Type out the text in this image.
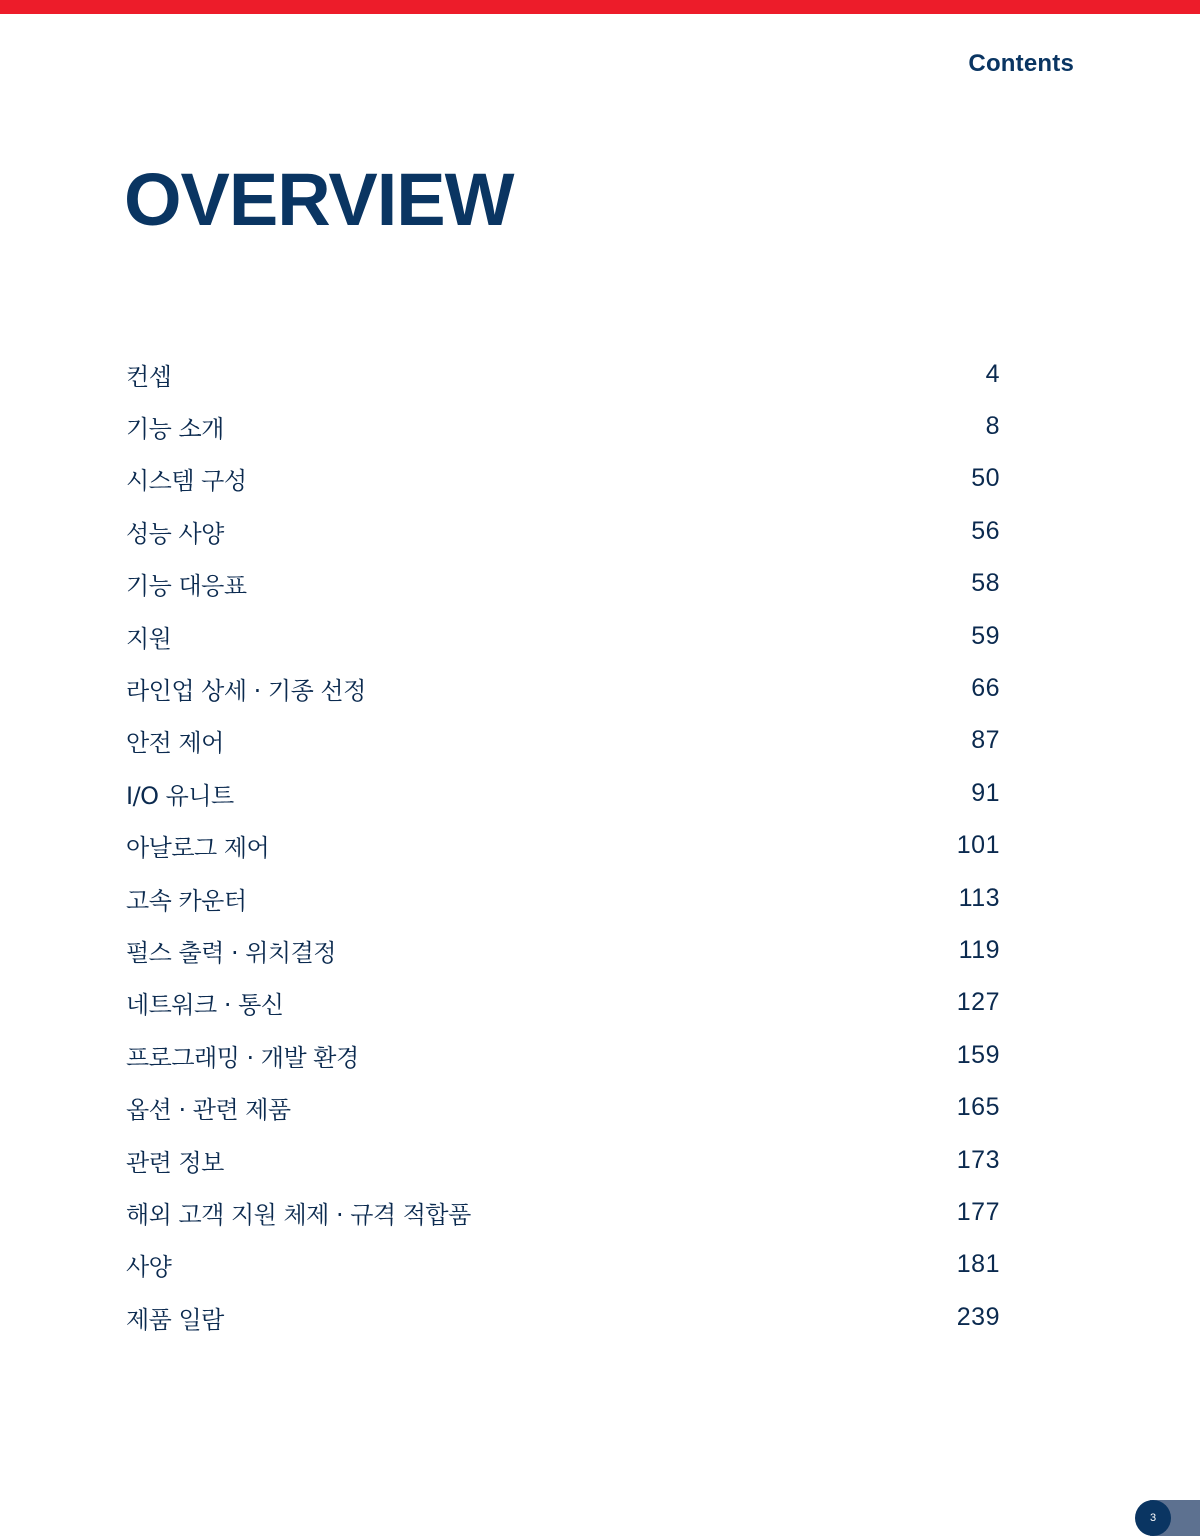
Contents
OVERVIEW
컨셉	4
기능 소개	8
시스템 구성	50
성능 사양	56
기능 대응표	58
지원	59
라인업 상세 · 기종 선정	66
안전 제어	87
I/O 유니트	91
아날로그 제어	101
고속 카운터	113
펄스 출력 · 위치결정	119
네트워크 · 통신	127
프로그래밍 · 개발 환경	159
옵션 · 관련 제품	165
관련 정보	173
해외 고객 지원 체제 · 규격 적합품	177
사양	181
제품 일람	239
3
